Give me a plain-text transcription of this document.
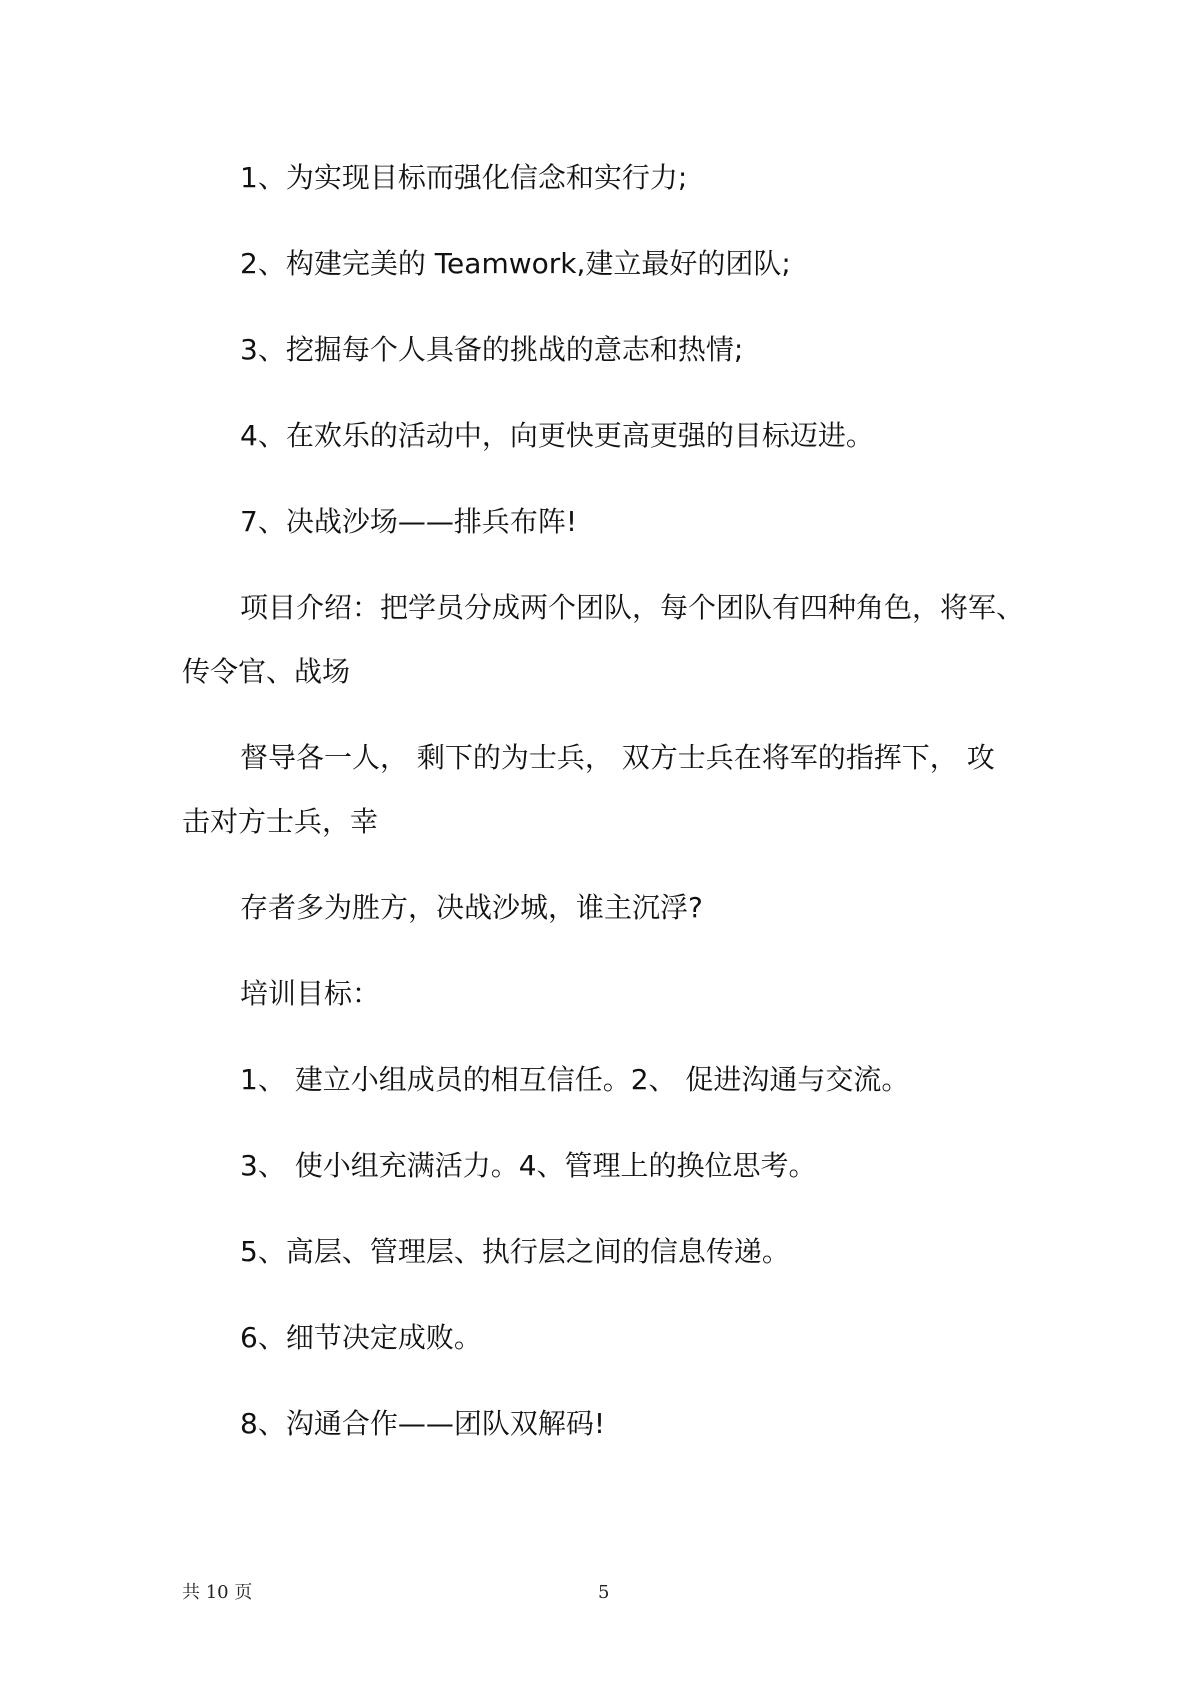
1、为实现目标而强化信念和实行力;
2、构建完美的 Teamwork,建立最好的团队;
3、挖掘每个人具备的挑战的意志和热情;
4、在欢乐的活动中，向更快更高更强的目标迈进。
7、决战沙场——排兵布阵!
项目介绍：把学员分成两个团队，每个团队有四种角色，将军、
传令官、战场
督导各一人， 剩下的为士兵， 双方士兵在将军的指挥下， 攻
击对方士兵，幸
存者多为胜方，决战沙城，谁主沉浮?
培训目标：
1、 建立小组成员的相互信任。2、 促进沟通与交流。
3、 使小组充满活力。4、管理上的换位思考。
5、高层、管理层、执行层之间的信息传递。
6、细节决定成败。
8、沟通合作——团队双解码!
共 10 页	5
